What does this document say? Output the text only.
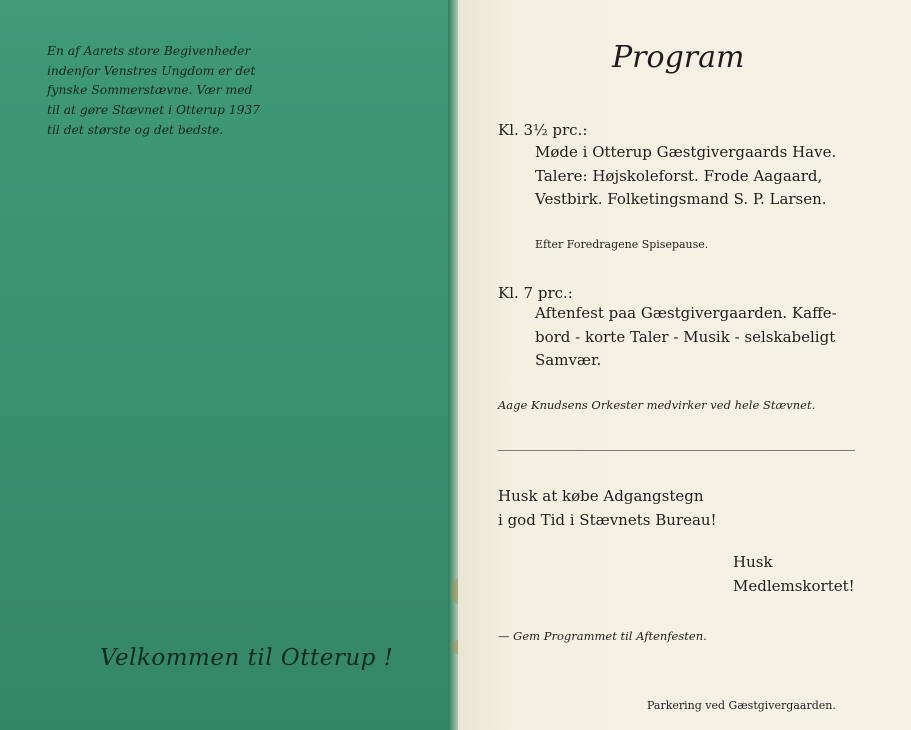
En af Aarets store Begivenheder
indenfor Venstres Ungdom er det
fynske Sommerstævne. Vær med
til at gøre Stævnet i Otterup 1937
til det største og det bedste.
Velkommen til Otterup !
Program
Kl. 3½ prc.:
Møde i Otterup Gæstgivergaards Have.
Talere: Højskoleforst. Frode Aagaard,
Vestbirk. Folketingsmand S. P. Larsen.
Efter Foredragene Spisepause.
Kl. 7 prc.:
Aftenfest paa Gæstgivergaarden. Kaffe-
bord - korte Taler - Musik - selskabeligt
Samvær.
Aage Knudsens Orkester medvirker ved hele Stævnet.
Husk at købe Adgangstegn
i god Tid i Stævnets Bureau!
Husk
Medlemskortet!
— Gem Programmet til Aftenfesten.
Parkering ved Gæstgivergaarden.
